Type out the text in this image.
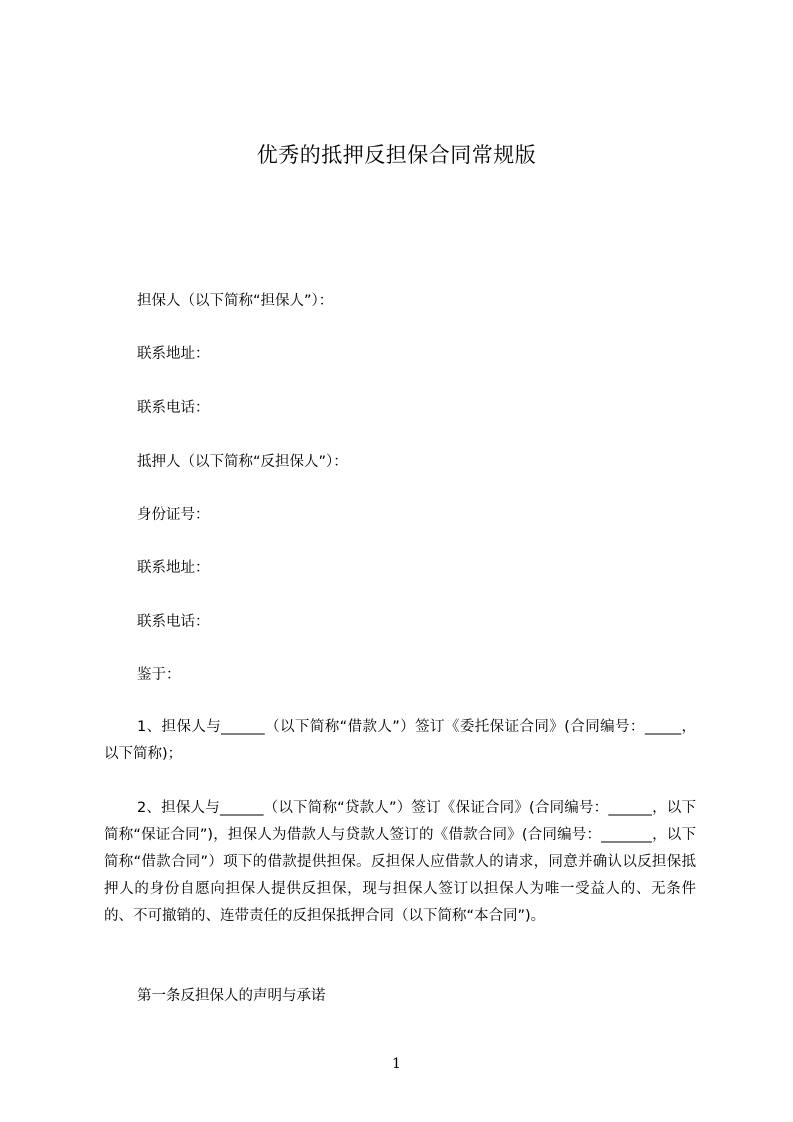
优秀的抵押反担保合同常规版
担保人（以下简称“担保人”）：
联系地址：
联系电话：
抵押人（以下简称“反担保人”）：
身份证号：
联系地址：
联系电话：
鉴于：

1、担保人与______（以下简称“借款人”）签订《委托保证合同》(合同编号：_____，以下简称)；

2、担保人与______（以下简称“贷款人”）签订《保证合同》(合同编号：______，以下简称“保证合同”)，担保人为借款人与贷款人签订的《借款合同》(合同编号：_______，以下简称“借款合同”）项下的借款提供担保。反担保人应借款人的请求，同意并确认以反担保抵押人的身份自愿向担保人提供反担保，现与担保人签订以担保人为唯一受益人的、无条件的、不可撤销的、连带责任的反担保抵押合同（以下简称“本合同”)。

第一条反担保人的声明与承诺
1
